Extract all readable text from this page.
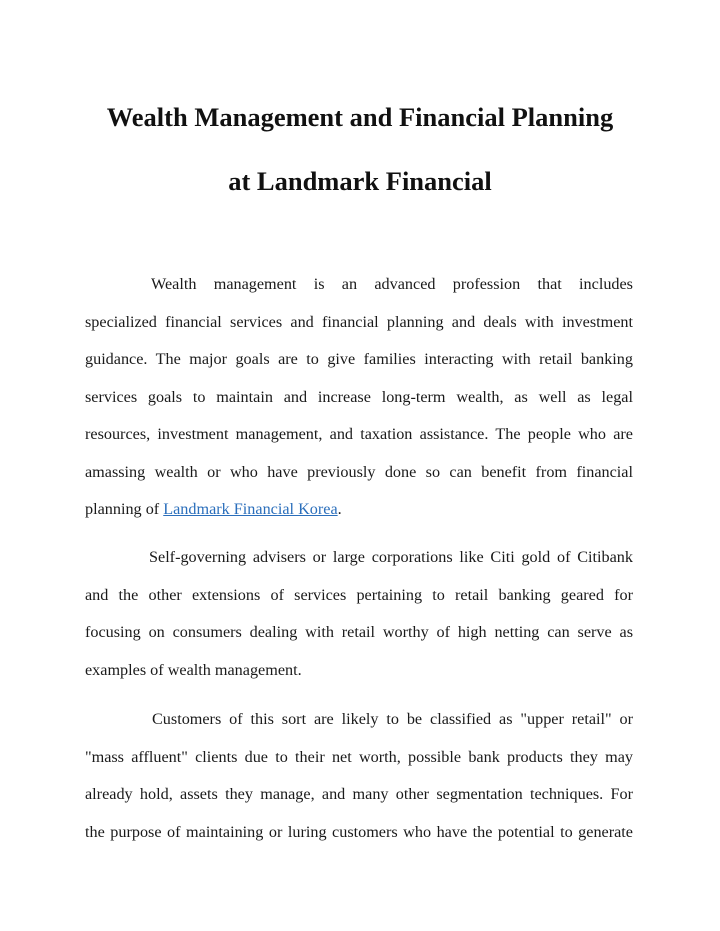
Wealth Management and Financial Planning
at Landmark Financial
Wealth management is an advanced profession that includes
specialized financial services and financial planning and deals with investment
guidance. The major goals are to give families interacting with retail banking
services goals to maintain and increase long-term wealth, as well as legal
resources, investment management, and taxation assistance. The people who are
amassing wealth or who have previously done so can benefit from financial
planning of Landmark Financial Korea.
Self-governing advisers or large corporations like Citi gold of Citibank
and the other extensions of services pertaining to retail banking geared for
focusing on consumers dealing with retail worthy of high netting can serve as
examples of wealth management.
Customers of this sort are likely to be classified as "upper retail" or
"mass affluent" clients due to their net worth, possible bank products they may
already hold, assets they manage, and many other segmentation techniques. For
the purpose of maintaining or luring customers who have the potential to generate
